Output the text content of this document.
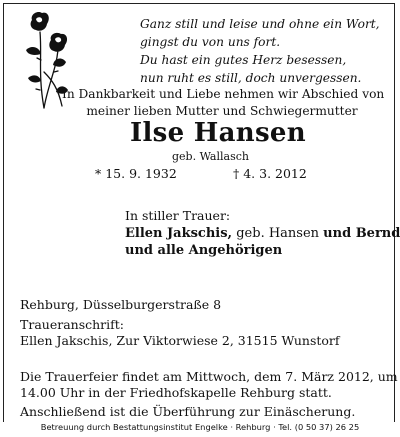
Ganz still und leise und ohne ein Wort,
gingst du von uns fort.
Du hast ein gutes Herz besessen,
nun ruht es still, doch unvergessen.
In Dankbarkeit und Liebe nehmen wir Abschied von
meiner lieben Mutter und Schwiegermutter
Ilse Hansen
geb. Wallasch
* 15. 9. 1932	† 4. 3. 2012
In stiller Trauer:
Ellen Jakschis, geb. Hansen und Bernd
und alle Angehörigen
Rehburg, Düsselburgerstraße 8
Traueranschrift:
Ellen Jakschis, Zur Viktorwiese 2, 31515 Wunstorf
Die Trauerfeier findet am Mittwoch, dem 7. März 2012, um
14.00 Uhr in der Friedhofskapelle Rehburg statt.
Anschließend ist die Überführung zur Einäscherung.
Betreuung durch Bestattungsinstitut Engelke · Rehburg · Tel. (0 50 37) 26 25
